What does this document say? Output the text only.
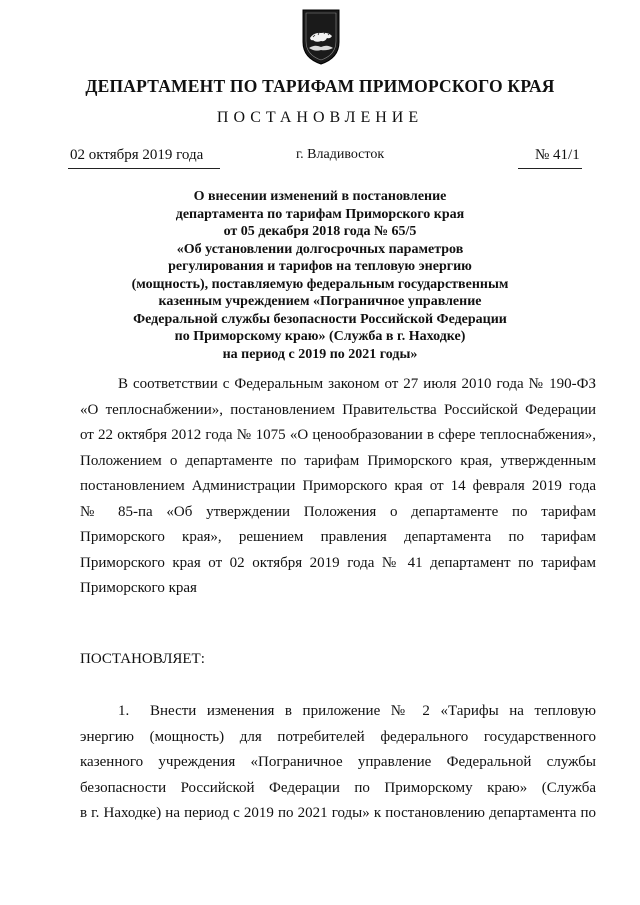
ДЕПАРТАМЕНТ ПО ТАРИФАМ ПРИМОРСКОГО КРАЯ
ПОСТАНОВЛЕНИЕ
02 октября 2019 года	г. Владивосток	№ 41/1
О внесении изменений в постановление
департамента по тарифам Приморского края
от 05 декабря 2018 года № 65/5
«Об установлении долгосрочных параметров
регулирования и тарифов на тепловую энергию
(мощность), поставляемую федеральным государственным
казенным учреждением «Пограничное управление
Федеральной службы безопасности Российской Федерации
по Приморскому краю» (Служба в г. Находке)
на период с 2019 по 2021 годы»
В соответствии с Федеральным законом от 27 июля 2010 года № 190-ФЗ
«О теплоснабжении», постановлением Правительства Российской Федерации
от 22 октября 2012 года № 1075 «О ценообразовании в сфере теплоснабжения»,
Положением о департаменте по тарифам Приморского края, утвержденным
постановлением Администрации Приморского края от 14 февраля 2019 года
№ 85-па «Об утверждении Положения о департаменте по тарифам
Приморского края», решением правления департамента по тарифам
Приморского края от 02 октября 2019 года № 41 департамент по тарифам
Приморского края
ПОСТАНОВЛЯЕТ:
1. Внести изменения в приложение № 2 «Тарифы на тепловую
энергию (мощность) для потребителей федерального государственного
казенного учреждения «Пограничное управление Федеральной службы
безопасности Российской Федерации по Приморскому краю» (Служба
в г. Находке) на период с 2019 по 2021 годы» к постановлению департамента по
